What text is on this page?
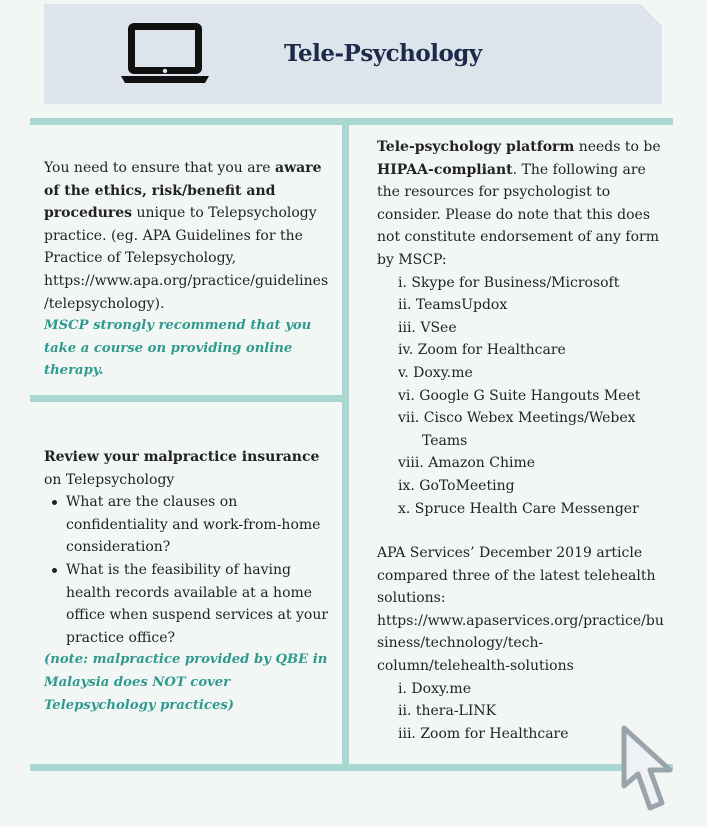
Tele-Psychology

You need to ensure that you are aware of the ethics, risk/benefit and procedures unique to Telepsychology practice. (eg. APA Guidelines for the Practice of Telepsychology, https://www.apa.org/practice/guidelines /telepsychology).

MSCP strongly recommend that you take a course on providing online therapy.

Review your malpractice insurance on Telepsychology

What are the clauses on confidentiality and work-from-home consideration?
What is the feasibility of having health records available at a home office when suspend services at your practice office?

(note: malpractice provided by QBE in Malaysia does NOT cover Telepsychology practices)

Tele-psychology platform needs to be HIPAA-compliant. The following are the resources for psychologist to consider. Please do note that this does not constitute endorsement of any form by MSCP:

i. Skype for Business/Microsoft
ii. TeamsUpdox
iii. VSee
iv. Zoom for Healthcare
v. Doxy.me
vi. Google G Suite Hangouts Meet
vii. Cisco Webex Meetings/Webex Teams
viii. Amazon Chime
ix. GoToMeeting
x. Spruce Health Care Messenger

APA Services’ December 2019 article compared three of the latest telehealth solutions: https://www.apaservices.org/practice/bu siness/technology/tech-column/telehealth-solutions

i. Doxy.me
ii. thera-LINK
iii. Zoom for Healthcare
